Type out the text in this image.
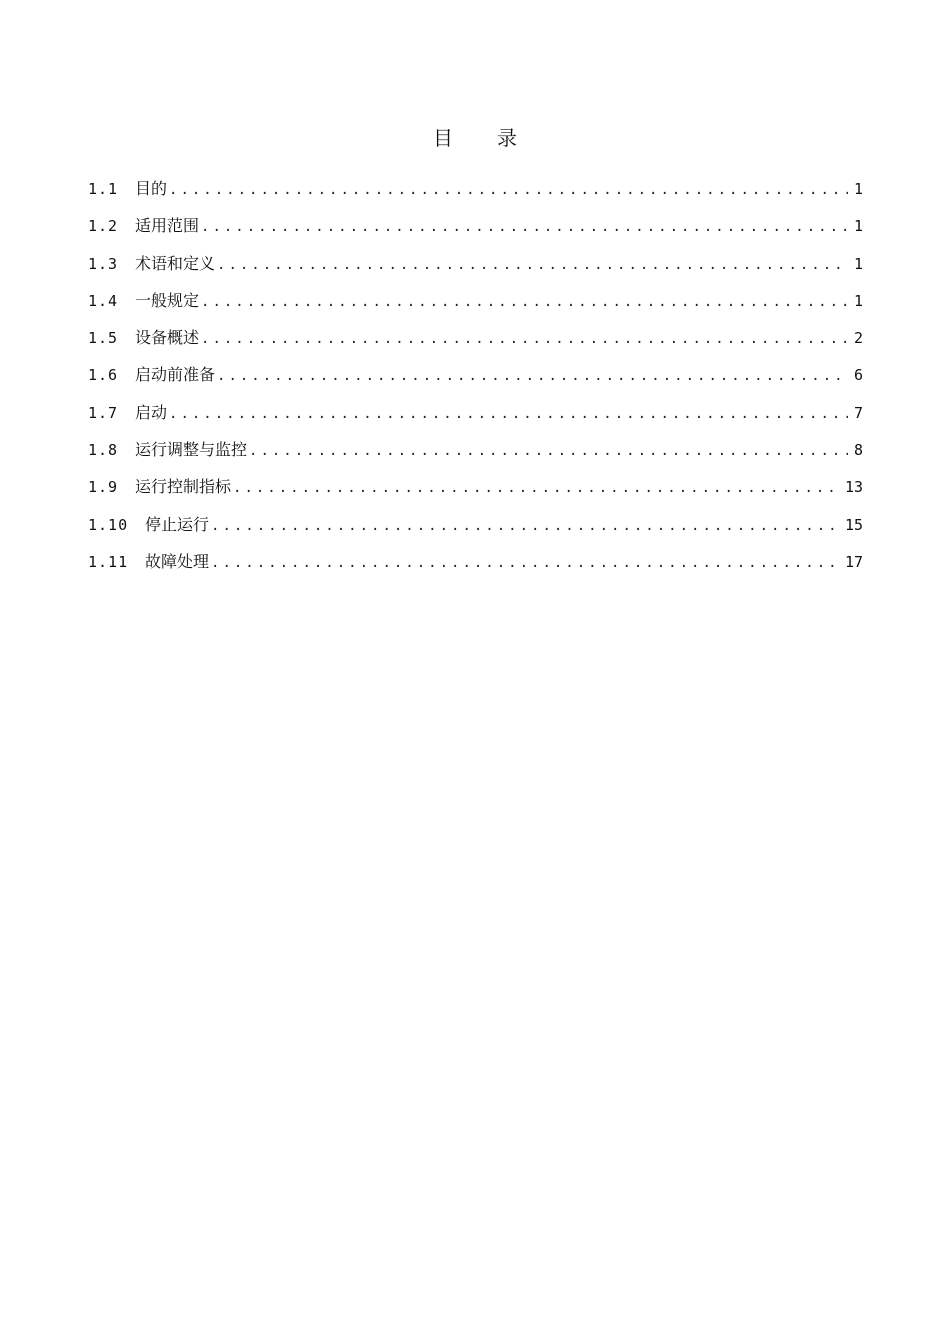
目 录
1.1	目的 .....	1
1.2	适用范围 .....	1
1.3	术语和定义 .....	1
1.4	一般规定 .....	1
1.5	设备概述 .....	2
1.6	启动前准备 .....	6
1.7	启动 .....	7
1.8	运行调整与监控 .....	8
1.9	运行控制指标 .....	13
1.10	停止运行 .....	15
1.11	故障处理 .....	17
